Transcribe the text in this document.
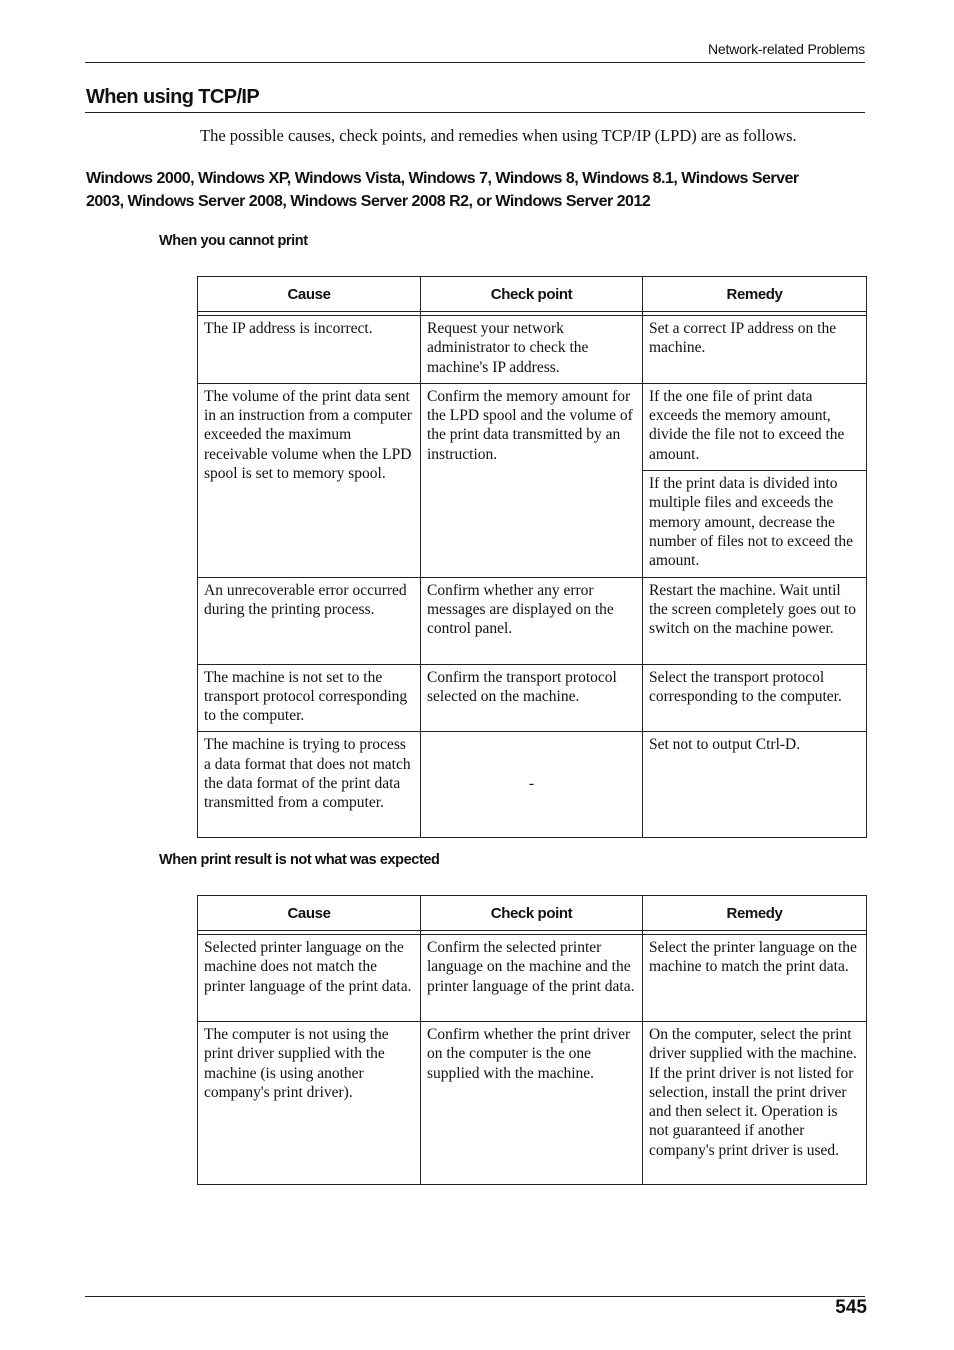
Network-related Problems
When using TCP/IP
The possible causes, check points, and remedies when using TCP/IP (LPD) are as follows.
Windows 2000, Windows XP, Windows Vista, Windows 7, Windows 8, Windows 8.1, Windows Server
2003, Windows Server 2008, Windows Server 2008 R2, or Windows Server 2012
When you cannot print
Cause	Check point	Remedy

The IP address is incorrect.	Request your network administrator to check the machine's IP address.	Set a correct IP address on the machine.
The volume of the print data sent in an instruction from a computer exceeded the maximum receivable volume when the LPD spool is set to memory spool.	Confirm the memory amount for the LPD spool and the volume of the print data transmitted by an instruction.	If the one file of print data exceeds the memory amount, divide the file not to exceed the amount.
		If the print data is divided into multiple files and exceeds the memory amount, decrease the number of files not to exceed the amount.
An unrecoverable error occurred during the printing process.	Confirm whether any error messages are displayed on the control panel.	Restart the machine. Wait until the screen completely goes out to switch on the machine power.
The machine is not set to the transport protocol corresponding to the computer.	Confirm the transport protocol selected on the machine.	Select the transport protocol corresponding to the computer.
The machine is trying to process a data format that does not match the data format of the print data transmitted from a computer.	-	Set not to output Ctrl-D.
When print result is not what was expected
Cause	Check point	Remedy

Selected printer language on the machine does not match the printer language of the print data.	Confirm the selected printer language on the machine and the printer language of the print data.	Select the printer language on the machine to match the print data.
The computer is not using the print driver supplied with the machine (is using another company's print driver).	Confirm whether the print driver on the computer is the one supplied with the machine.	On the computer, select the print driver supplied with the machine. If the print driver is not listed for selection, install the print driver and then select it. Operation is not guaranteed if another company's print driver is used.
545
